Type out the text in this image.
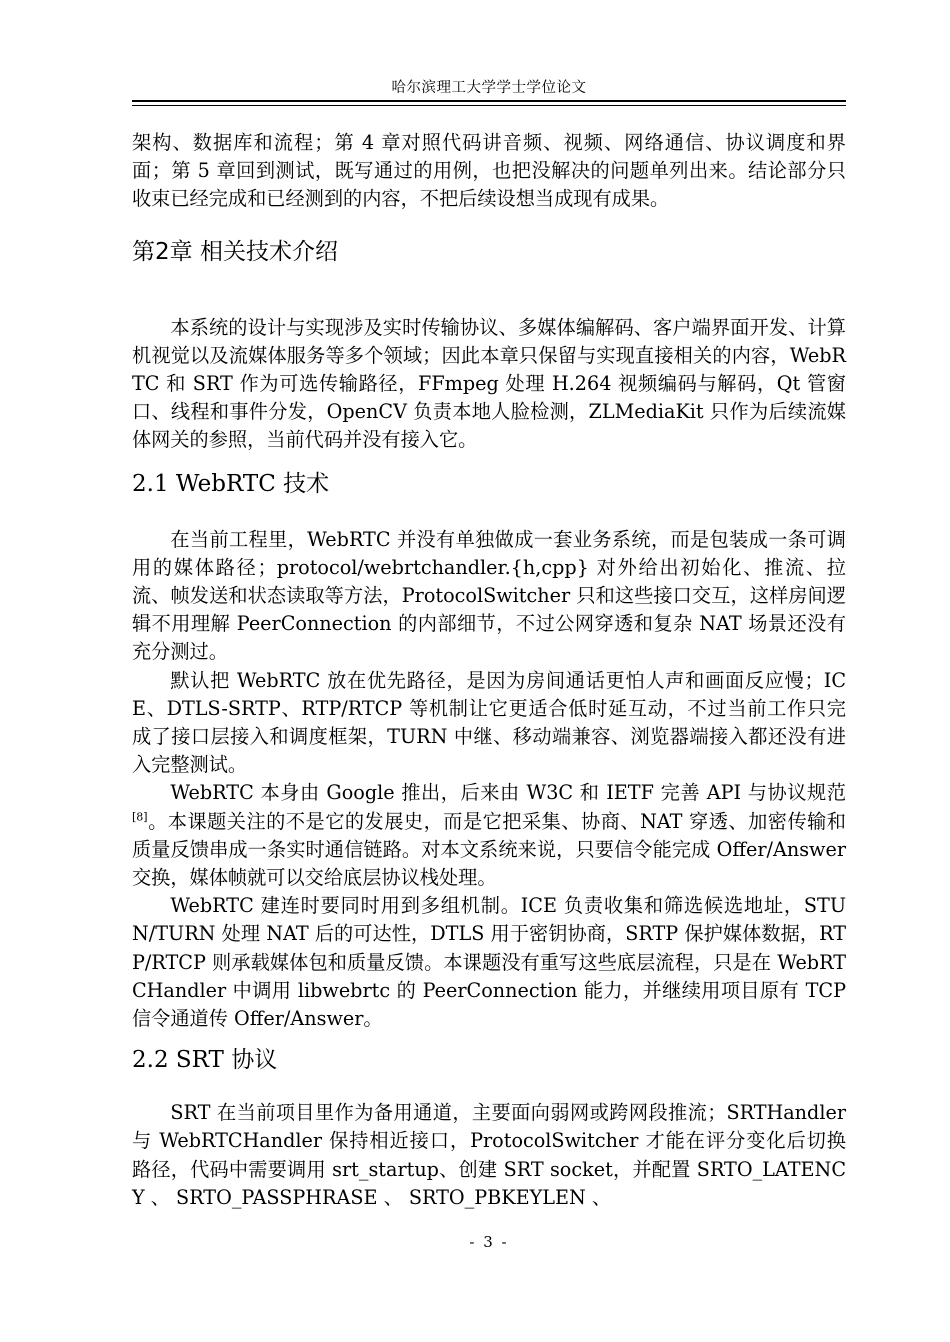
哈尔滨理工大学学士学位论文

架构、数据库和流程；第 4 章对照代码讲音频、视频、网络通信、协议调度和界面；第 5 章回到测试，既写通过的用例，也把没解决的问题单列出来。结论部分只收束已经完成和已经测到的内容，不把后续设想当成现有成果。

第2章 相关技术介绍

本系统的设计与实现涉及实时传输协议、多媒体编解码、客户端界面开发、计算机视觉以及流媒体服务等多个领域；因此本章只保留与实现直接相关的内容，WebRTC 和 SRT 作为可选传输路径，FFmpeg 处理 H.264 视频编码与解码，Qt 管窗口、线程和事件分发，OpenCV 负责本地人脸检测，ZLMediaKit 只作为后续流媒体网关的参照，当前代码并没有接入它。

2.1 WebRTC 技术

在当前工程里，WebRTC 并没有单独做成一套业务系统，而是包装成一条可调用的媒体路径；protocol/webrtchandler.{h,cpp} 对外给出初始化、推流、拉流、帧发送和状态读取等方法，ProtocolSwitcher 只和这些接口交互，这样房间逻辑不用理解 PeerConnection 的内部细节，不过公网穿透和复杂 NAT 场景还没有充分测过。

默认把 WebRTC 放在优先路径，是因为房间通话更怕人声和画面反应慢；ICE、DTLS-SRTP、RTP/RTCP 等机制让它更适合低时延互动，不过当前工作只完成了接口层接入和调度框架，TURN 中继、移动端兼容、浏览器端接入都还没有进入完整测试。

WebRTC 本身由 Google 推出，后来由 W3C 和 IETF 完善 API 与协议规范[8]。本课题关注的不是它的发展史，而是它把采集、协商、NAT 穿透、加密传输和质量反馈串成一条实时通信链路。对本文系统来说，只要信令能完成 Offer/Answer 交换，媒体帧就可以交给底层协议栈处理。

WebRTC 建连时要同时用到多组机制。ICE 负责收集和筛选候选地址，STUN/TURN 处理 NAT 后的可达性，DTLS 用于密钥协商，SRTP 保护媒体数据，RTP/RTCP 则承载媒体包和质量反馈。本课题没有重写这些底层流程，只是在 WebRTCHandler 中调用 libwebrtc 的 PeerConnection 能力，并继续用项目原有 TCP 信令通道传 Offer/Answer。

2.2 SRT 协议

SRT 在当前项目里作为备用通道，主要面向弱网或跨网段推流；SRTHandler 与 WebRTCHandler 保持相近接口，ProtocolSwitcher 才能在评分变化后切换路径，代码中需要调用 srt_startup、创建 SRT socket，并配置 SRTO_LATENCY 、 SRTO_PASSPHRASE 、 SRTO_PBKEYLEN 、

- 3 -
